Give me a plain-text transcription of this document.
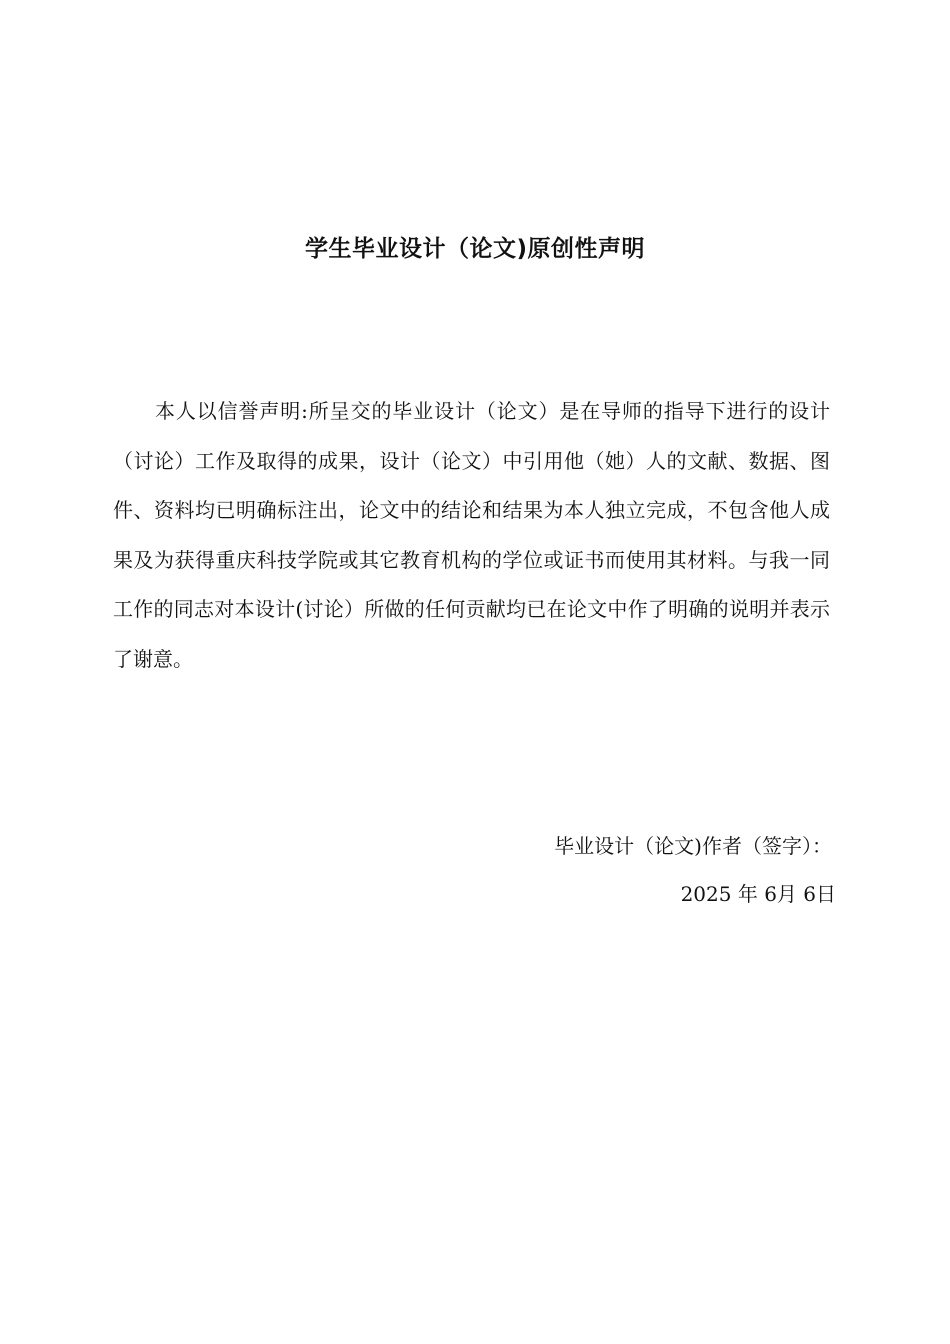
学生毕业设计（论文)原创性声明

本人以信誉声明:所呈交的毕业设计（论文）是在导师的指导下进行的设计（讨论）工作及取得的成果，设计（论文）中引用他（她）人的文献、数据、图件、资料均已明确标注出，论文中的结论和结果为本人独立完成，不包含他人成果及为获得重庆科技学院或其它教育机构的学位或证书而使用其材料。与我一同工作的同志对本设计(讨论）所做的任何贡献均已在论文中作了明确的说明并表示了谢意。

毕业设计（论文)作者（签字）：
2025 年 6月 6日
